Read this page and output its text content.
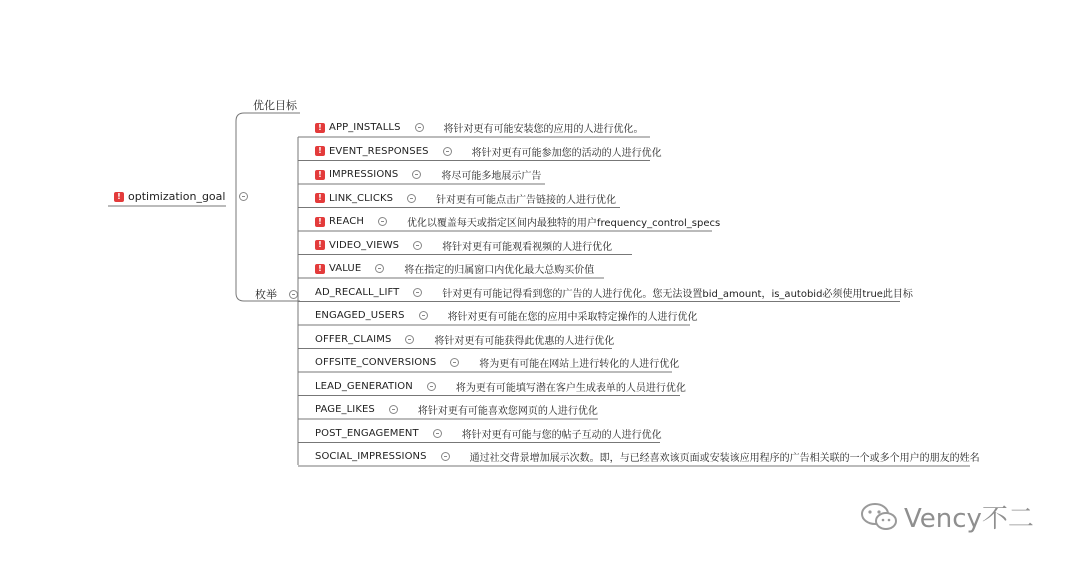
! optimization_goal
优化目标
枚举
! APP_INSTALLS	将针对更有可能安装您的应用的人进行优化。
! EVENT_RESPONSES	将针对更有可能参加您的活动的人进行优化
! IMPRESSIONS	将尽可能多地展示广告
! LINK_CLICKS	针对更有可能点击广告链接的人进行优化
! REACH	优化以覆盖每天或指定区间内最独特的用户frequency_control_specs
! VIDEO_VIEWS	将针对更有可能观看视频的人进行优化
! VALUE	将在指定的归属窗口内优化最大总购买价值
AD_RECALL_LIFT	针对更有可能记得看到您的广告的人进行优化。您无法设置bid_amount，is_autobid必须使用true此目标
ENGAGED_USERS	将针对更有可能在您的应用中采取特定操作的人进行优化
OFFER_CLAIMS	将针对更有可能获得此优惠的人进行优化
OFFSITE_CONVERSIONS	将为更有可能在网站上进行转化的人进行优化
LEAD_GENERATION	将为更有可能填写潜在客户生成表单的人员进行优化
PAGE_LIKES	将针对更有可能喜欢您网页的人进行优化
POST_ENGAGEMENT	将针对更有可能与您的帖子互动的人进行优化
SOCIAL_IMPRESSIONS	通过社交背景增加展示次数。即，与已经喜欢该页面或安装该应用程序的广告相关联的一个或多个用户的朋友的姓名
Vency不二
